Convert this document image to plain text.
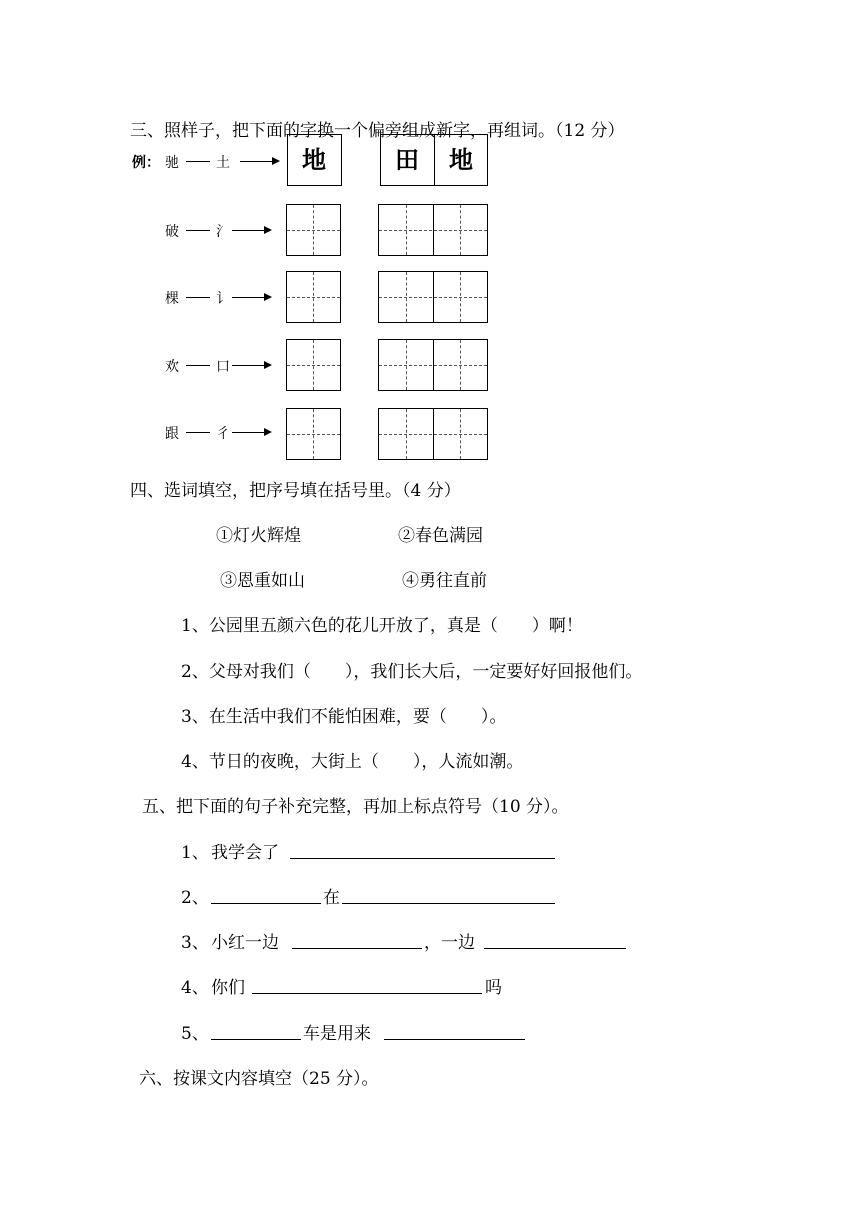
三、照样子，把下面的字换一个偏旁组成新字，再组词。（12 分）
例： 驰	土	地	田 地
破	氵
棵	讠
欢	口
跟	彳
四、选词填空，把序号填在括号里。（4 分）
①灯火辉煌	②春色满园
③恩重如山	④勇往直前
1、公园里五颜六色的花儿开放了，真是（　　）啊！
2、父母对我们（　　），我们长大后，一定要好好回报他们。
3、在生活中我们不能怕困难，要（　　）。
4、节日的夜晚，大街上（　　），人流如潮。
五、把下面的句子补充完整，再加上标点符号（10 分）。
1、 我学会了
2、	在
3、 小红一边	，一边
4、 你们	吗
5、	车是用来
六、按课文内容填空（25 分）。
